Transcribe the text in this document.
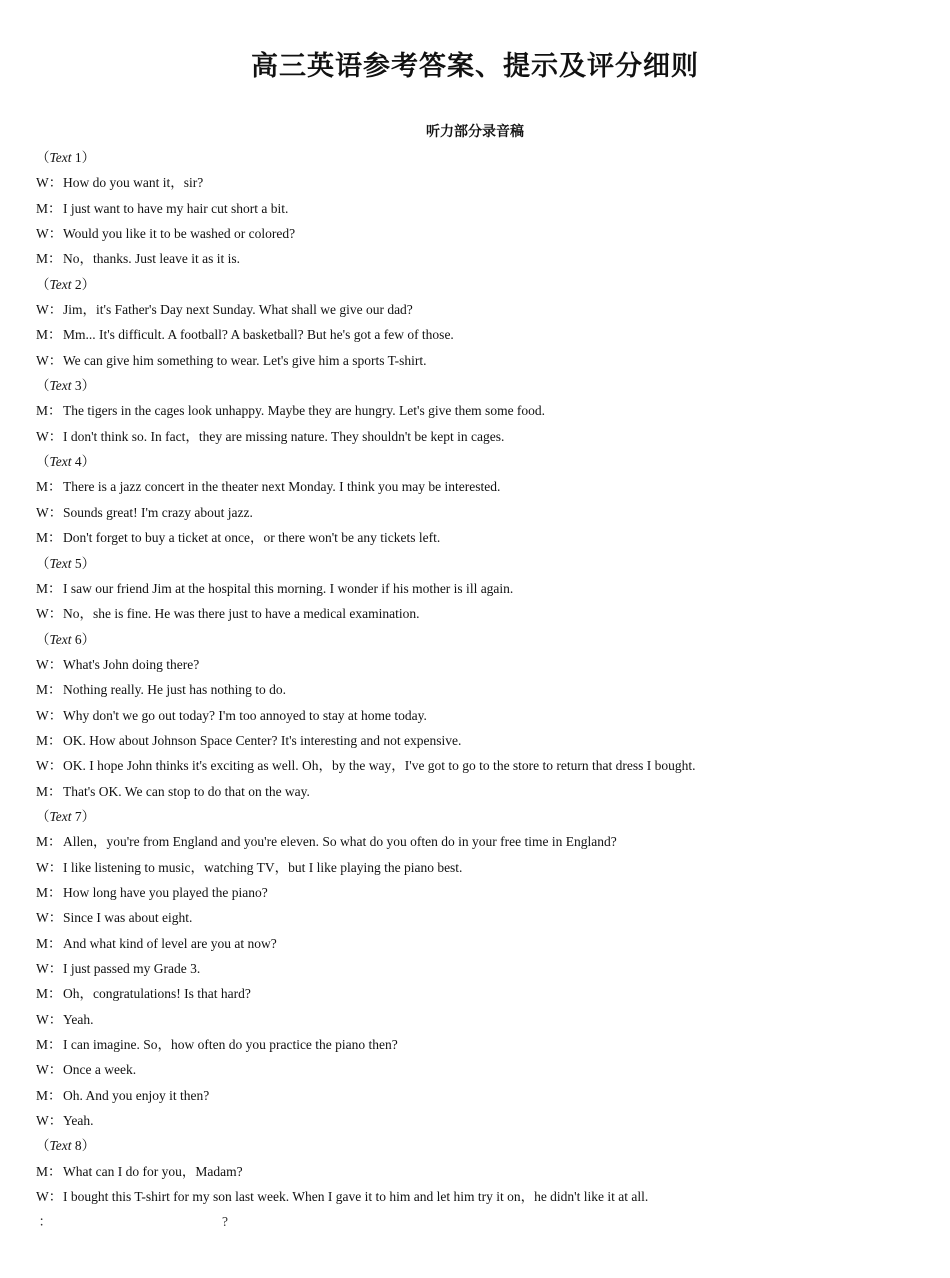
高三英语参考答案、提示及评分细则
听力部分录音稿
（Text 1）
W：How do you want it，sir?
M：I just want to have my hair cut short a bit.
W：Would you like it to be washed or colored?
M：No，thanks. Just leave it as it is.
（Text 2）
W：Jim，it's Father's Day next Sunday. What shall we give our dad?
M：Mm... It's difficult. A football? A basketball? But he's got a few of those.
W：We can give him something to wear. Let's give him a sports T-shirt.
（Text 3）
M：The tigers in the cages look unhappy. Maybe they are hungry. Let's give them some food.
W：I don't think so. In fact，they are missing nature. They shouldn't be kept in cages.
（Text 4）
M：There is a jazz concert in the theater next Monday. I think you may be interested.
W：Sounds great! I'm crazy about jazz.
M：Don't forget to buy a ticket at once，or there won't be any tickets left.
（Text 5）
M：I saw our friend Jim at the hospital this morning. I wonder if his mother is ill again.
W：No，she is fine. He was there just to have a medical examination.
（Text 6）
W：What's John doing there?
M：Nothing really. He just has nothing to do.
W：Why don't we go out today? I'm too annoyed to stay at home today.
M：OK. How about Johnson Space Center? It's interesting and not expensive.
W：OK. I hope John thinks it's exciting as well. Oh，by the way，I've got to go to the store to return that dress I bought.
M：That's OK. We can stop to do that on the way.
（Text 7）
M：Allen，you're from England and you're eleven. So what do you often do in your free time in England?
W：I like listening to music，watching TV，but I like playing the piano best.
M：How long have you played the piano?
W：Since I was about eight.
M：And what kind of level are you at now?
W：I just passed my Grade 3.
M：Oh，congratulations! Is that hard?
W：Yeah.
M：I can imagine. So，how often do you practice the piano then?
W：Once a week.
M：Oh. And you enjoy it then?
W：Yeah.
（Text 8）
M：What can I do for you，Madam?
W：I bought this T-shirt for my son last week. When I gave it to him and let him try it on，he didn't like it at all.
：	?
